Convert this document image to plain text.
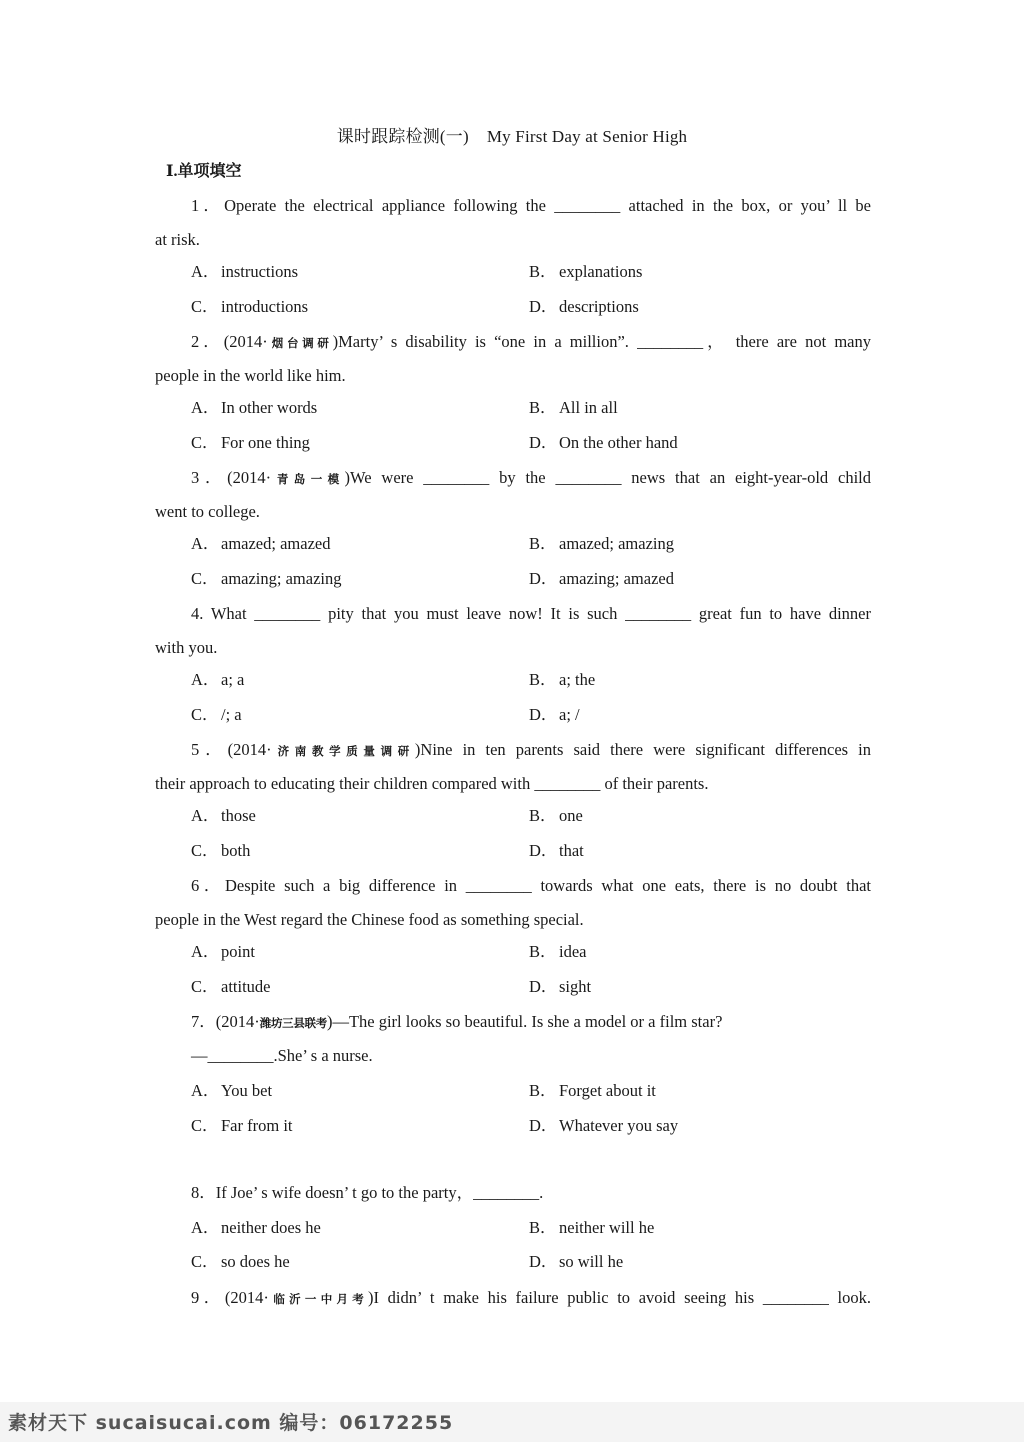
课时跟踪检测(一) My First Day at Senior High
Ⅰ.单项填空
1．Operate the electrical appliance following the ________ attached in the box, or you’ ll be
at risk.
A．instructions	B． explanations
C． introductions	D．descriptions
2．(2014·烟台调研)Marty’ s disability is “one in a million”. ________， there are not many
people in the world like him.
A．In other words	B． All in all
C． For one thing	D．On the other hand
3．(2014·青岛一模)We were ________ by the ________ news that an eight-year-old child
went to college.
A．amazed; amazed	B． amazed; amazing
C． amazing; amazing	D．amazing; amazed
4. What ________ pity that you must leave now! It is such ________ great fun to have dinner
with you.
A．a; a	B． a; the
C． /; a	D．a; /
5．(2014·济南教学质量调研)Nine in ten parents said there were significant differences in
their approach to educating their children compared with ________ of their parents.
A．those	B． one
C． both	D．that
6．Despite such a big difference in ________ towards what one eats, there is no doubt that
people in the West regard the Chinese food as something special.
A．point	B． idea
C． attitude	D．sight
7．(2014·潍坊三县联考)—The girl looks so beautiful. Is she a model or a film star?
—________.She’ s a nurse.
A．You bet	B． Forget about it
C． Far from it	D．Whatever you say
8．If Joe’ s wife doesn’ t go to the party，________.
A．neither does he	B． neither will he
C． so does he	D．so will he
9．(2014·临沂一中月考)I didn’ t make his failure public to avoid seeing his ________ look.
素材天下 sucaisucai.com 编号：06172255
